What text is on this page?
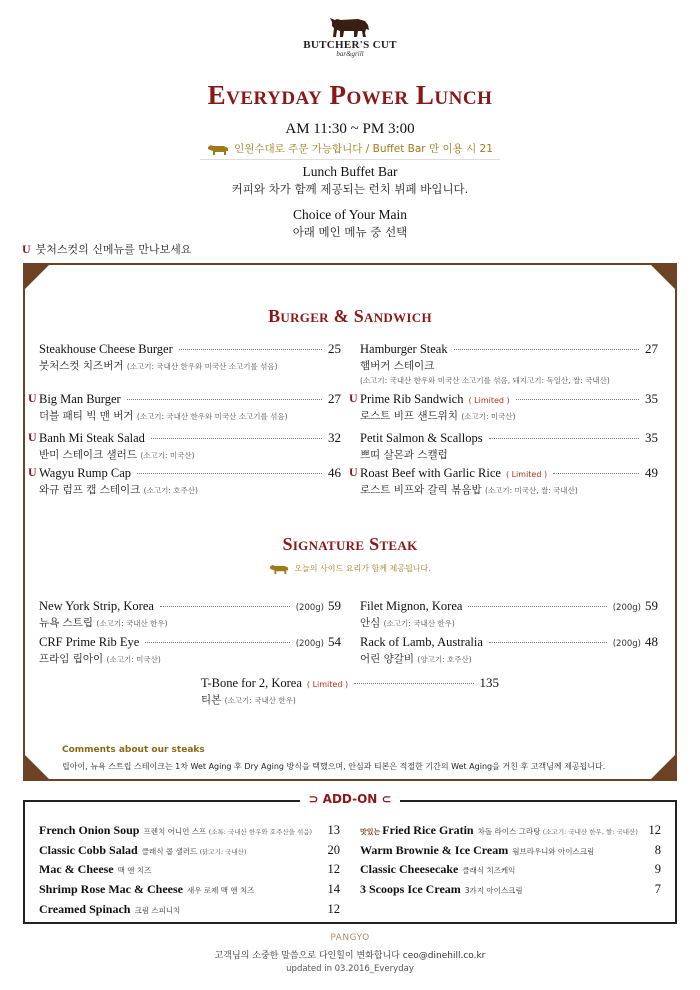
BUTCHER'S CUT
bar&grill
Everyday Power Lunch
AM 11:30 ~ PM 3:00
인원수대로 주문 가능합니다 / Buffet Bar 만 이용 시 21
Lunch Buffet Bar
커피와 차가 함께 제공되는 런치 뷔페 바입니다.
Choice of Your Main
아래 메인 메뉴 중 선택
U 붓처스컷의 신메뉴를 만나보세요
Burger & Sandwich
Steakhouse Cheese Burger	25
붓처스컷 치즈버거 (소고기: 국내산 한우와 미국산 소고기를 섞음)
Hamburger Steak	27
햄버거 스테이크
(소고기: 국내산 한우와 미국산 소고기를 섞음, 돼지고기: 독일산, 쌀: 국내산)
U Big Man Burger	27
더블 패티 빅 맨 버거 (소고기: 국내산 한우와 미국산 소고기를 섞음)
U Prime Rib Sandwich ( Limited )	35
로스트 비프 샌드위치 (소고기: 미국산)
U Banh Mi Steak Salad	32
반미 스테이크 샐러드 (소고기: 미국산)
Petit Salmon & Scallops	35
쁘띠 살몬과 스캘럽
U Wagyu Rump Cap	46
와규 럼프 캡 스테이크 (소고기: 호주산)
U Roast Beef with Garlic Rice ( Limited )	49
로스트 비프와 갈릭 볶음밥 (소고기: 미국산, 쌀: 국내산)
Signature Steak
오늘의 사이드 요리가 함께 제공됩니다.
New York Strip, Korea	(200g) 59
뉴욕 스트립 (소고기: 국내산 한우)
Filet Mignon, Korea	(200g) 59
안심 (소고기: 국내산 한우)
CRF Prime Rib Eye	(200g) 54
프라임 립아이 (소고기: 미국산)
Rack of Lamb, Australia	(200g) 48
어린 양갈비 (양고기: 호주산)
T-Bone for 2, Korea ( Limited )	135
티본 (소고기: 국내산 한우)
Comments about our steaks
립아이, 뉴욕 스트립 스테이크는 1차 Wet Aging 후 Dry Aging 방식을 택했으며, 안심과 티본은 적절한 기간의 Wet Aging을 거친 후 고객님께 제공됩니다.
⊃ ADD-ON ⊂
French Onion Soup 프렌치 어니언 스프 (소톡: 국내산 한우와 호주산을 섞음) 13
Classic Cobb Salad 클래식 콥 샐러드 (닭고기: 국내산)	20
Mac & Cheese 맥 앤 치즈	12
Shrimp Rose Mac & Cheese 새우 로제 맥 앤 치즈	14
Creamed Spinach 크림 스피니치	12
맛있는 Fried Rice Gratin 차돌 라이스 그라탕 (소고기: 국내산 한우, 쌀: 국내산) 12
Warm Brownie & Ice Cream 웜브라우니와 아이스크림	8
Classic Cheesecake 클래식 치즈케익	9
3 Scoops Ice Cream 3가지 아이스크림	7
PANGYO
고객님의 소중한 말씀으로 다인힐이 변화합니다 ceo@dinehill.co.kr
updated in 03.2016_Everyday
